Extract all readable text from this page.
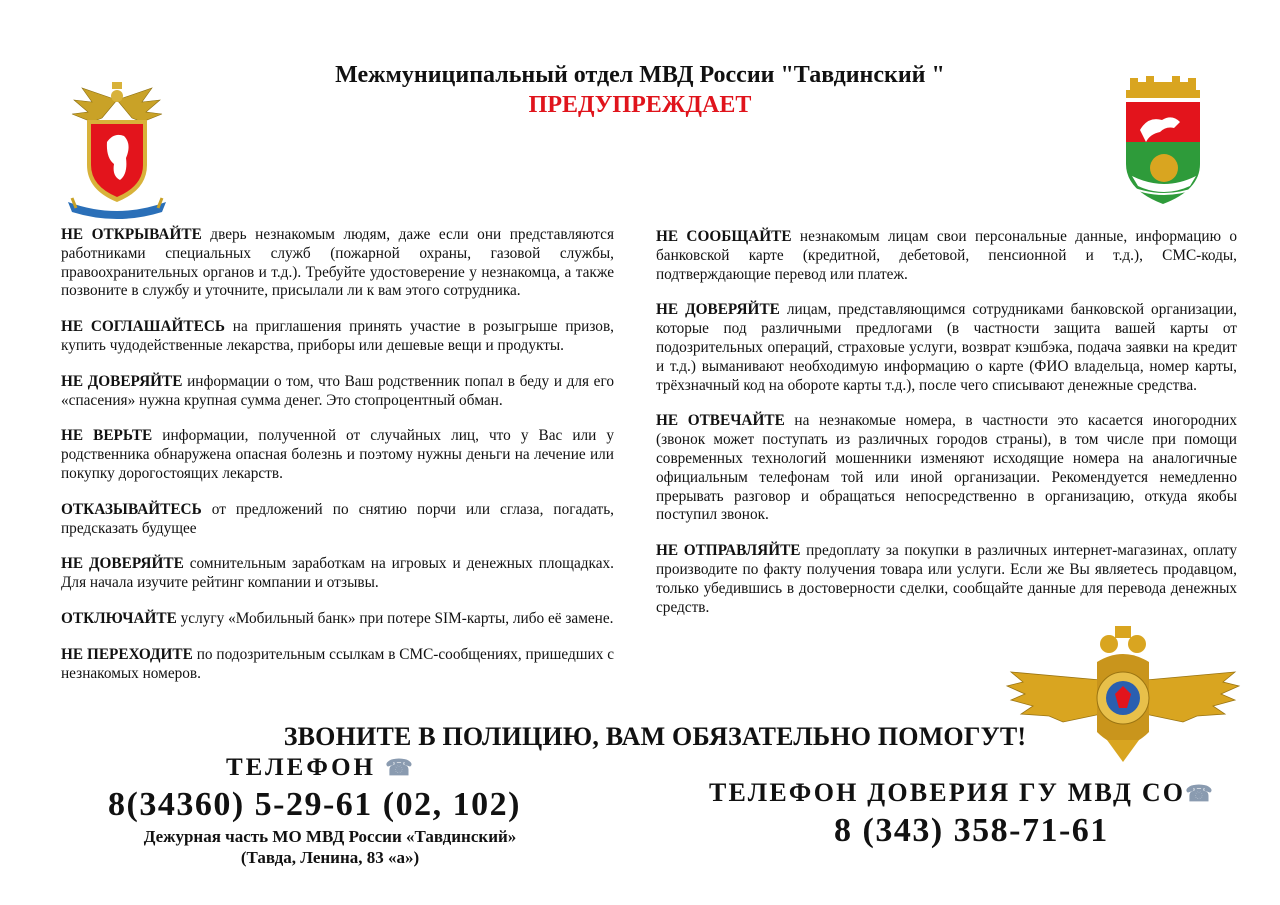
Межмуниципальный отдел МВД России "Тавдинский "
ПРЕДУПРЕЖДАЕТ

НЕ ОТКРЫВАЙТЕ дверь незнакомым людям, даже если они представляются работниками специальных служб (пожарной охраны, газовой службы, правоохранительных органов и т.д.). Требуйте удостоверение у незнакомца, а также позвоните в службу и уточните, присылали ли к вам этого сотрудника.

НЕ СОГЛАШАЙТЕСЬ на приглашения принять участие в розыгрыше призов, купить чудодейственные лекарства, приборы или дешевые вещи и продукты.

НЕ ДОВЕРЯЙТЕ информации о том, что Ваш родственник попал в беду и для его «спасения» нужна крупная сумма денег. Это стопроцентный обман.

НЕ ВЕРЬТЕ информации, полученной от случайных лиц, что у Вас или у родственника обнаружена опасная болезнь и поэтому нужны деньги на лечение или покупку дорогостоящих лекарств.

ОТКАЗЫВАЙТЕСЬ от предложений по снятию порчи или сглаза, погадать, предсказать будущее

НЕ ДОВЕРЯЙТЕ сомнительным заработкам на игровых и денежных площадках. Для начала изучите рейтинг компании и отзывы.

ОТКЛЮЧАЙТЕ услугу «Мобильный банк» при потере SIM-карты, либо её замене.

НЕ ПЕРЕХОДИТЕ по подозрительным ссылкам в СМС-сообщениях, пришедших с незнакомых номеров.

НЕ СООБЩАЙТЕ незнакомым лицам свои персональные данные, информацию о банковской карте (кредитной, дебетовой, пенсионной и т.д.), СМС-коды, подтверждающие перевод или платеж.

НЕ ДОВЕРЯЙТЕ лицам, представляющимся сотрудниками банковской организации, которые под различными предлогами (в частности защита вашей карты от подозрительных операций, страховые услуги, возврат кэшбэка, подача заявки на кредит и т.д.) выманивают необходимую информацию о карте (ФИО владельца, номер карты, трёхзначный код на обороте карты т.д.), после чего списывают денежные средства.

НЕ ОТВЕЧАЙТЕ на незнакомые номера, в частности это касается иногородних (звонок может поступать из различных городов страны), в том числе при помощи современных технологий мошенники изменяют исходящие номера на аналогичные официальным телефонам той или иной организации. Рекомендуется немедленно прерывать разговор и обращаться непосредственно в организацию, откуда якобы поступил звонок.

НЕ ОТПРАВЛЯЙТЕ предоплату за покупки в различных интернет-магазинах, оплату производите по факту получения товара или услуги. Если же Вы являетесь продавцом, только убедившись в достоверности сделки, сообщайте данные для перевода денежных средств.

ЗВОНИТЕ В ПОЛИЦИЮ, ВАМ ОБЯЗАТЕЛЬНО ПОМОГУТ!
ТЕЛЕФОН ☎
8(34360) 5-29-61 (02, 102)
Дежурная часть МО МВД России «Тавдинский»
(Тавда, Ленина, 83 «а»)
ТЕЛЕФОН ДОВЕРИЯ ГУ МВД СО☎
8 (343) 358-71-61
